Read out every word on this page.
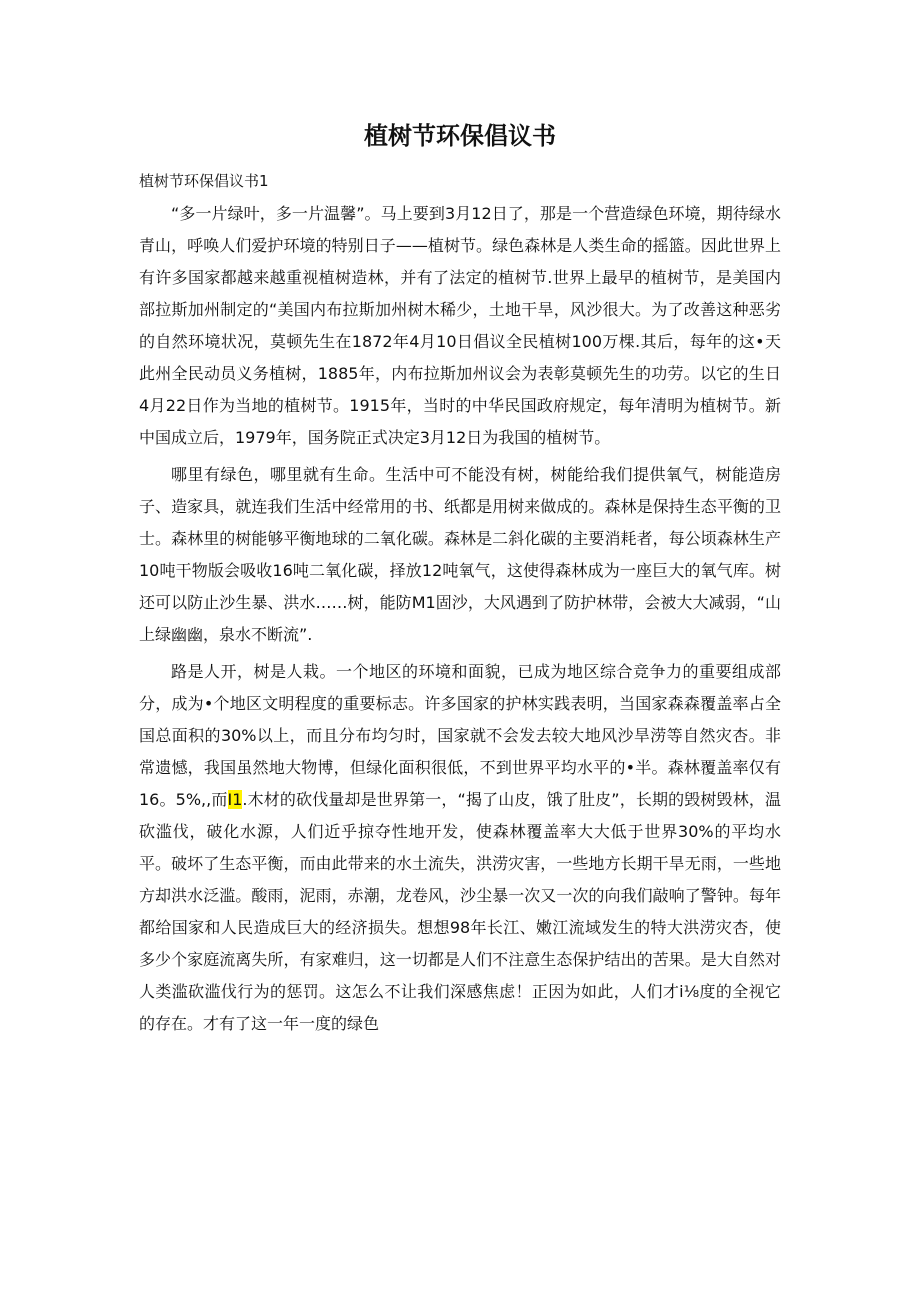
植树节环保倡议书
植树节环保倡议书1
“多一片绿叶，多一片温馨”。马上要到3月12日了，那是一个营造绿色环境，期待绿水青山，呼唤人们爱护环境的特别日子——植树节。绿色森林是人类生命的摇篮。因此世界上有许多国家都越来越重视植树造林，并有了法定的植树节.世界上最早的植树节，是美国内部拉斯加州制定的“美国内布拉斯加州树木稀少，土地干旱，风沙很大。为了改善这种恶劣的自然环境状况，莫顿先生在1872年4月10日倡议全民植树100万棵.其后，每年的这•天此州全民动员义务植树，1885年，内布拉斯加州议会为表彰莫顿先生的功劳。以它的生日4月22日作为当地的植树节。1915年，当时的中华民国政府规定，每年清明为植树节。新中国成立后，1979年，国务院正式决定3月12日为我国的植树节。
哪里有绿色，哪里就有生命。生活中可不能没有树，树能给我们提供氧气，树能造房子、造家具，就连我们生活中经常用的书、纸都是用树来做成的。森林是保持生态平衡的卫士。森林里的树能够平衡地球的二氧化碳。森林是二斜化碳的主要消耗者，每公顷森林生产10吨干物版会吸收16吨二氧化碳，择放12吨氧气，这使得森林成为一座巨大的氧气库。树还可以防止沙生暴、洪水……树，能防M1固沙，大风遇到了防护林带，会被大大减弱，“山上绿幽幽，泉水不断流”.
路是人开，树是人栽。一个地区的环境和面貌，已成为地区综合竞争力的重要组成部分，成为•个地区文明程度的重要标志。许多国家的护林实践表明，当国家森森覆盖率占全国总面积的30%以上，而且分布均匀时，国家就不会发去较大地风沙旱涝等自然灾杏。非常遗憾，我国虽然地大物博，但绿化面积很低，不到世界平均水平的•半。森林覆盖率仅有16。5%,,而I1.木材的砍伐量却是世界第一，“揭了山皮，饿了肚皮”，长期的毁树毁林，温砍滥伐，破化水源，人们近乎掠夺性地开发，使森林覆盖率大大低于世界30%的平均水平。破坏了生态平衡，而由此带来的水土流失，洪涝灾害，一些地方长期干旱无雨，一些地方却洪水泛滥。酸雨，泥雨，赤潮，龙卷风，沙尘暴一次又一次的向我们敲响了警钟。每年都给国家和人民造成巨大的经济损失。想想98年长江、嫩江流域发生的特大洪涝灾杏，使多少个家庭流离失所，有家难归，这一切都是人们不注意生态保护结出的苦果。是大自然对人类滥砍滥伐行为的惩罚。这怎么不让我们深感焦虑！正因为如此，人们才i⅛度的全视它的存在。才有了这一年一度的绿色
